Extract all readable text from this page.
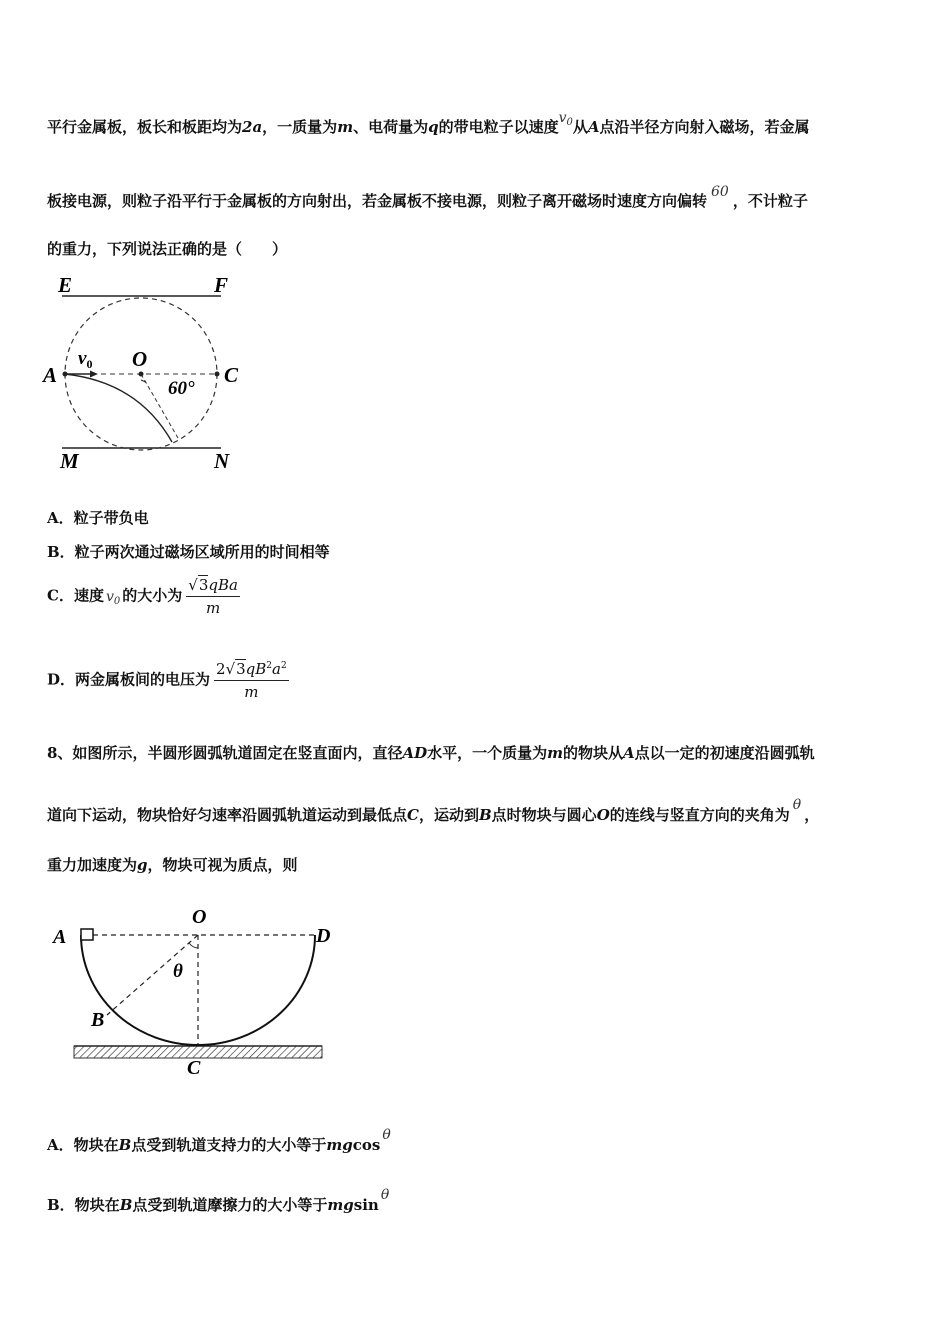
平行金属板，板长和板距均为2a，一质量为m、电荷量为q的带电粒子以速度$v_0$从A点沿半径方向射入磁场，若金属
板接电源，则粒子沿平行于金属板的方向射出，若金属板不接电源，则粒子离开磁场时速度方向偏转 60 ，不计粒子
的重力，下列说法正确的是（　　）
E	F
A
$v_0$ O
C
60°
M	N
A．粒子带负电
B．粒子两次通过磁场区域所用的时间相等
C．速度 $v_0$ 的大小为 $\frac{\text{√3qBa}}{m}$
D．两金属板间的电压为 $\frac{2√3qB^2a^2}{m}$
8、如图所示，半圆形圆弧轨道固定在竖直面内，直径AD水平，一个质量为m的物块从A点以一定的初速度沿圆弧轨
道向下运动，物块恰好匀速率沿圆弧轨道运动到最低点C，运动到B点时物块与圆心O的连线与竖直方向的夹角为θ，
重力加速度为g，物块可视为质点，则
A
O
D
θ
B
C
A．物块在B点受到轨道支持力的大小等于mgcosθ
B．物块在B点受到轨道摩擦力的大小等于mgsinθ
